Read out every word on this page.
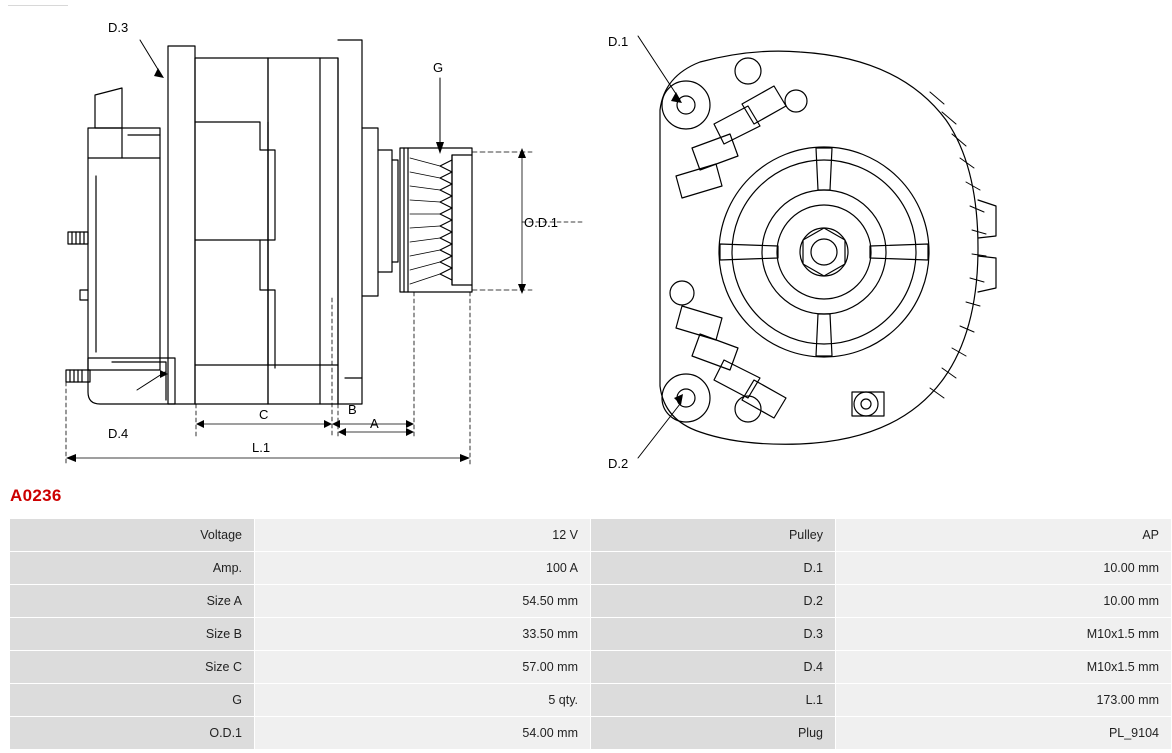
D.3
D.4
G
O.D.1
A
B
C
L.1
D.1
D.2
A0236
Voltage	12 V	Pulley	AP
Amp.	100 A	D.1	10.00 mm
Size A	54.50 mm	D.2	10.00 mm
Size B	33.50 mm	D.3	M10x1.5 mm
Size C	57.00 mm	D.4	M10x1.5 mm
G	5 qty.	L.1	173.00 mm
O.D.1	54.00 mm	Plug	PL_9104
